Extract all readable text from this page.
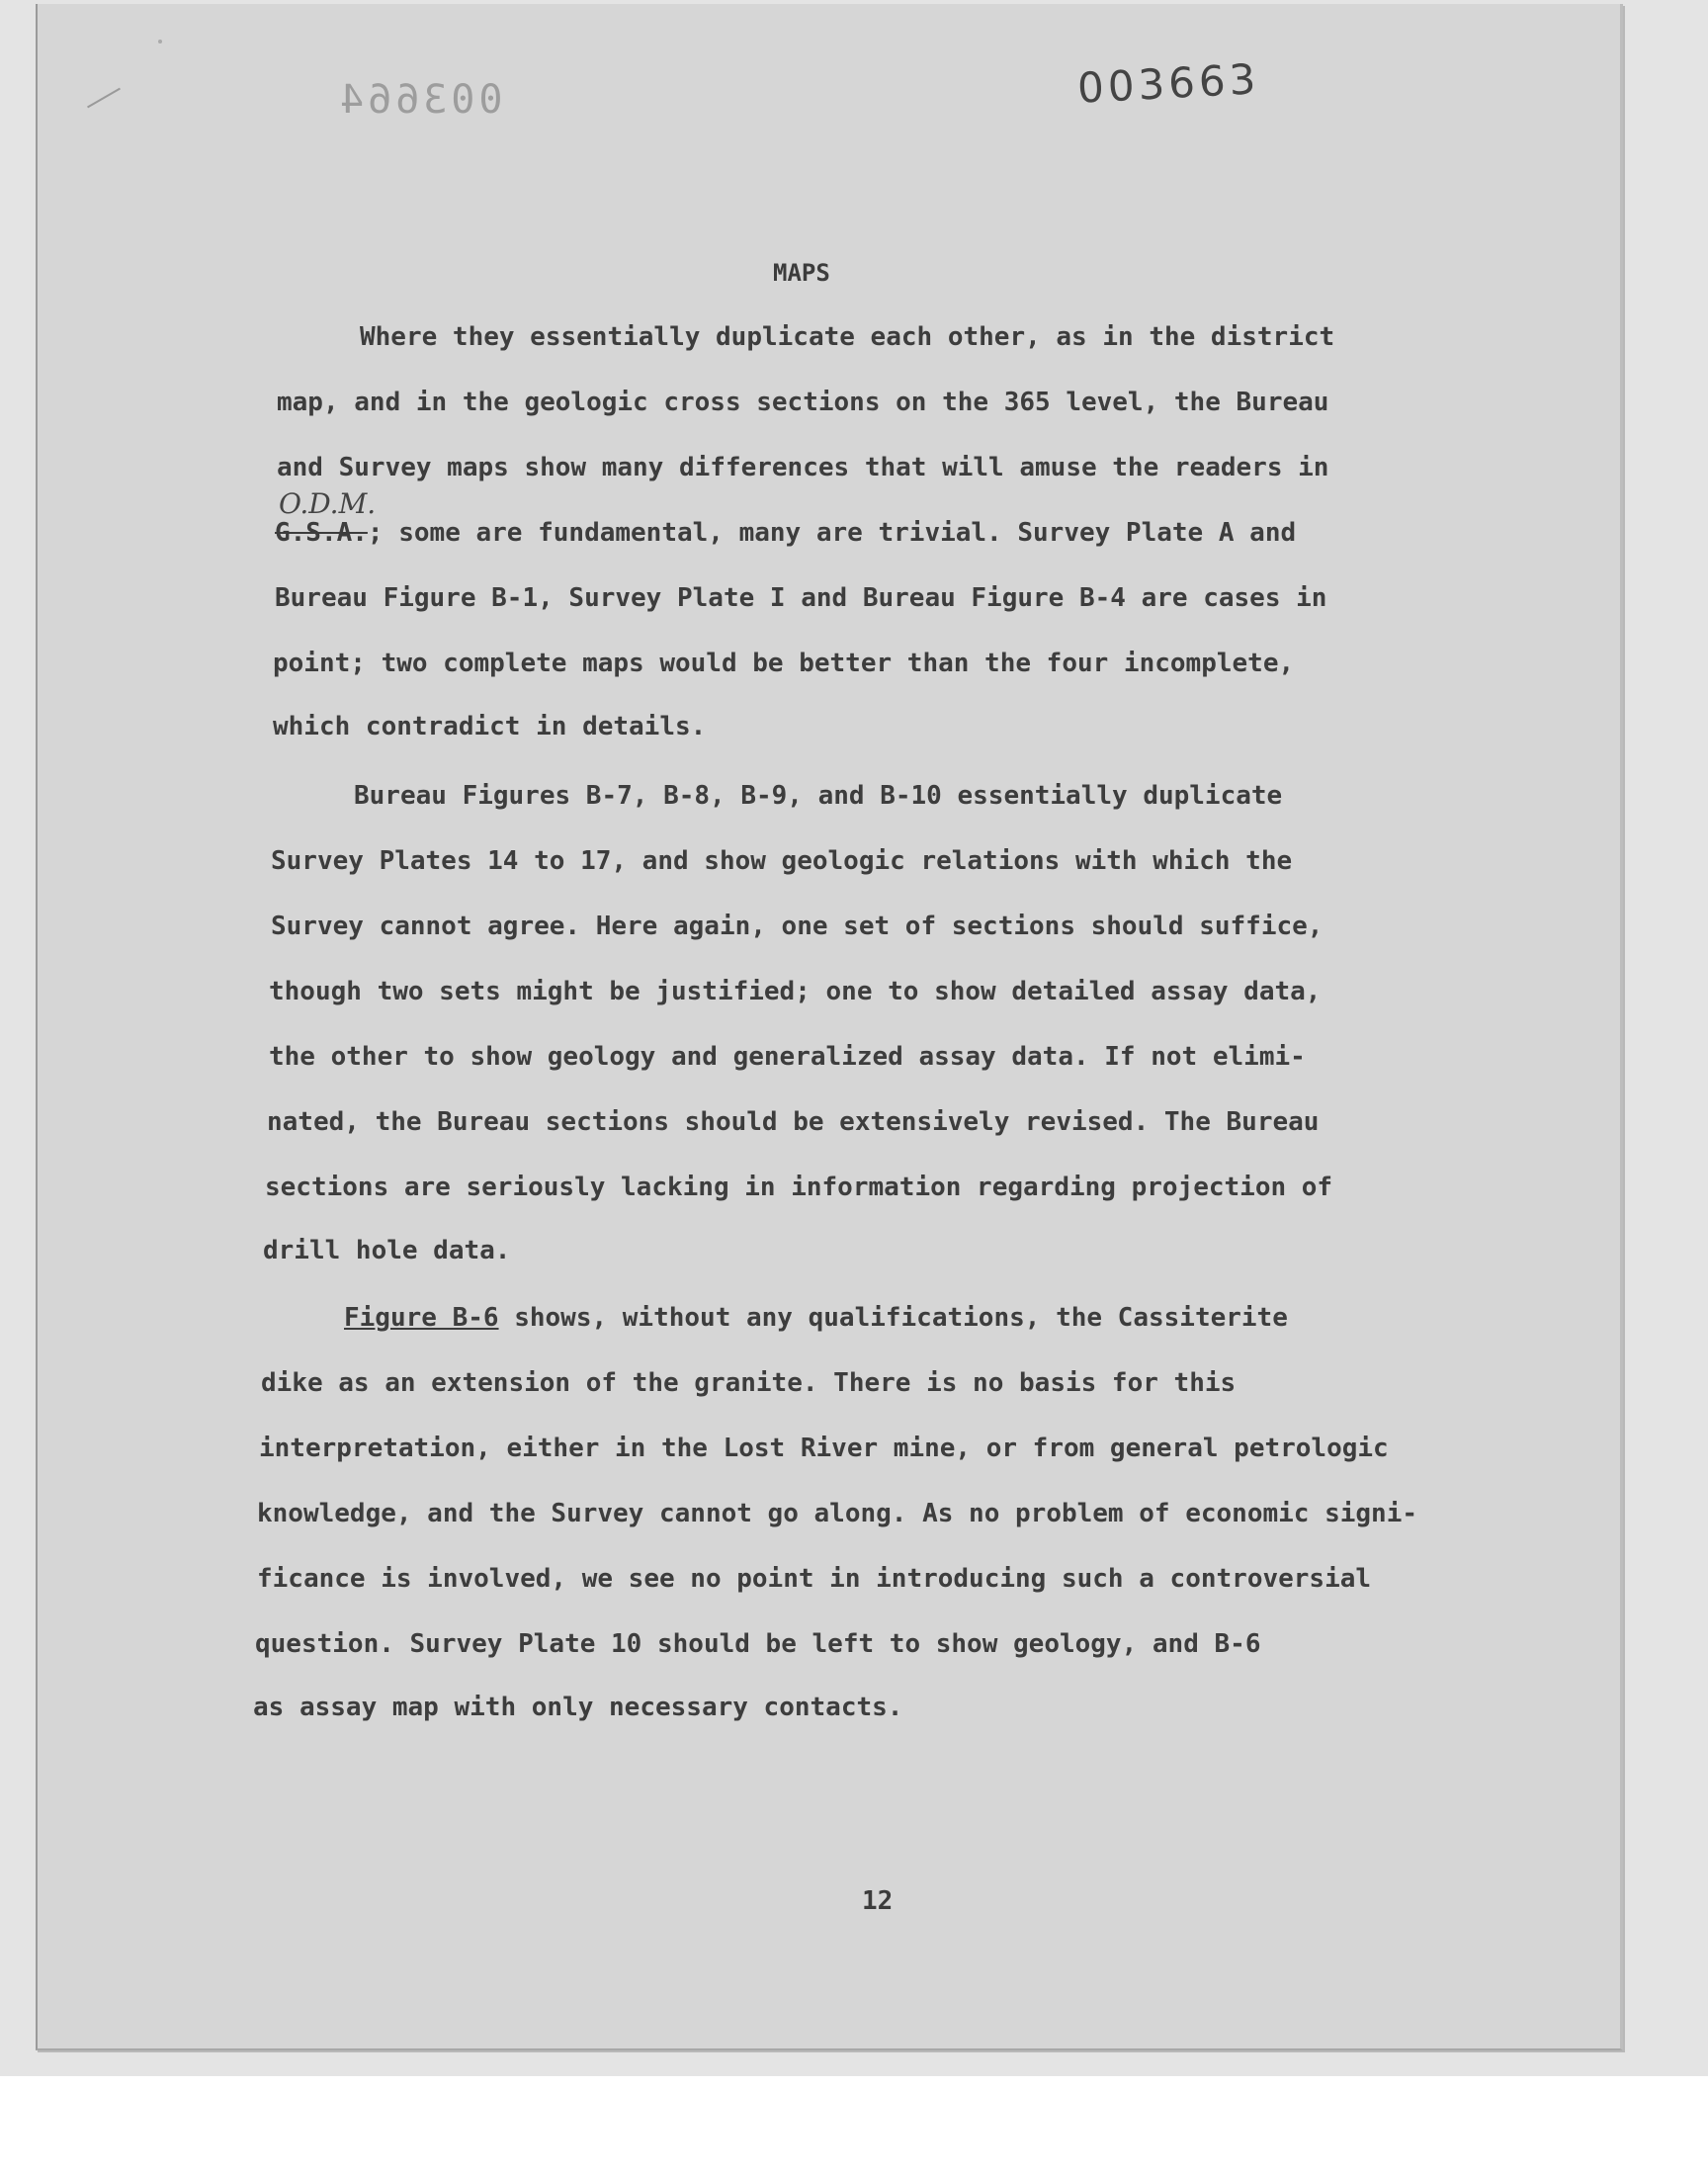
003664	003663
MAPS
Where they essentially duplicate each other, as in the district
map, and in the geologic cross sections on the 365 level, the Bureau
and Survey maps show many differences that will amuse the readers in
O.D.M.
G.S.A.; some are fundamental, many are trivial. Survey Plate A and
Bureau Figure B-1, Survey Plate I and Bureau Figure B-4 are cases in
point; two complete maps would be better than the four incomplete,
which contradict in details.
Bureau Figures B-7, B-8, B-9, and B-10 essentially duplicate
Survey Plates 14 to 17, and show geologic relations with which the
Survey cannot agree. Here again, one set of sections should suffice,
though two sets might be justified; one to show detailed assay data,
the other to show geology and generalized assay data. If not elimi-
nated, the Bureau sections should be extensively revised. The Bureau
sections are seriously lacking in information regarding projection of
drill hole data.
Figure B-6 shows, without any qualifications, the Cassiterite
dike as an extension of the granite. There is no basis for this
interpretation, either in the Lost River mine, or from general petrologic
knowledge, and the Survey cannot go along. As no problem of economic signi-
ficance is involved, we see no point in introducing such a controversial
question. Survey Plate 10 should be left to show geology, and B-6
as assay map with only necessary contacts.
12
